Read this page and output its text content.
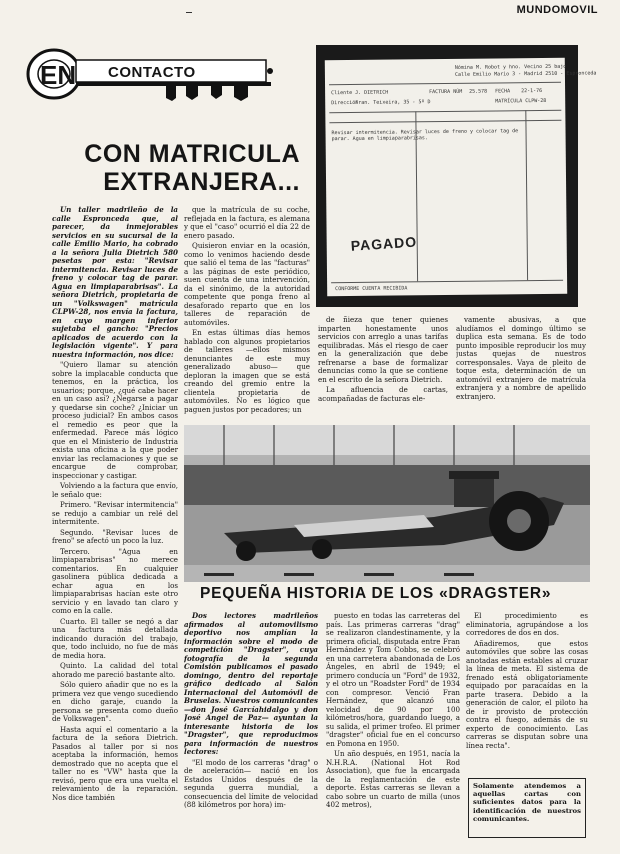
MUNDOMOVIL
EN CONTACTO
CON MATRICULA
EXTRANJERA...

Un taller madrileño de la calle Espronceda que, al parecer, da inmejorables servicios en su sucursal de la calle Emilio Mario, ha cobrado a la señora Julia Dietrich 580 pesetas por esta: "Revisar intermitencia. Revisar luces de freno y colocar tag de parar. Agua en limpiaparabrisas". La señora Dietrich, propietaria de un "Volkswagen" matrícula CLPW-28, nos envía la factura, en cuyo margen inferior sujetaba el gancho: "Precios aplicados de acuerdo con la legislación vigente". Y para nuestra información, nos dice:

"Quiero llamar su atención sobre la implacable conducta que tenemos, en la práctica, los usuarios; porque, ¿qué cabe hacer en un caso así? ¿Negarse a pagar y quedarse sin coche? ¿Iniciar un proceso judicial? En ambos casos el remedio es peor que la enfermedad. Parece más lógico que en el Ministerio de Industria exista una oficina a la que poder enviar las reclamaciones y que se encargue de comprobar, inspeccionar y castigar.

Volviendo a la factura que envío, le señalo que:

Primero. "Revisar intermitencia" se redujo a cambiar un relé del intermitente.

Segundo. "Revisar luces de freno" se afectó un poco la luz.

Tercero. "Agua en limpiaparabrisas" no merece comentarios. En cualquier gasolinera pública dedicada a echar agua en los limpiaparabrisas hacían este otro servicio y en lavado tan claro y como en la calle.

Cuarto. El taller se negó a dar una factura más detallada indicando duración del trabajo, que, todo incluido, no fue de más de media hora.

Quinto. La calidad del total ahorado me pareció bastante alto.

Sólo quiero añadir que no es la primera vez que vengo sucediendo en dicho garaje, cuando la persona se presenta como dueño de Volkswagen".

Hasta aquí el comentario a la factura de la señora Dietrich. Pasados al taller por si nos aceptaba la información, hemos demostrado que no acepta que el taller no es "VW" hasta que la revisó, pero que era una vuelta el relevamiento de la reparación. Nos dice también

que la matrícula de su coche, reflejada en la factura, es alemana y que el "caso" ocurrió el día 22 de enero pasado.

Quisieron enviar en la ocasión, como lo venimos haciendo desde que salió el tema de las "facturas" a las páginas de este periódico, suen cuenta de una intervención, da el sinónimo, de la autoridad competente que ponga freno al desaforado reparto que en los talleres de reparación de automóviles.

En estas últimas días hemos hablado con algunos propietarios de talleres —ellos mismos denunciantes de este muy generalizado abuso— que deploran la imagen que se está creando del gremio entre la clientela propietaria de automóviles. No es lógico que paguen justos por pecadores; un

de ñieza que tener quienes imparten honestamente unos servicios con arreglo a unas tarifas equilibradas. Más el riesgo de caer en la generalización que debe refrenarse a base de formalizar denuncias como la que se contiene en el escrito de la señora Dietrich.

La afluencia de cartas, acompañadas de facturas ele-

vamente abusivas, a que aludíamos el domingo último se duplica esta semana. Es de todo punto imposible reproducir los muy justas quejas de nuestros corresponsales. Vaya de pleito de toque esta, determinación de un automóvil extranjero de matrícula extranjera y a nombre de apellido extranjero.

Nómina M. Robot y hno. Vecino 25 bajo
Calle Emilio Mario 3 - Madrid 2510 - Espronceda
Cliente J. DIETRICH
Dirección
Fran. Teixeira, 35 - 5º D
FACTURA NÚM 25.578 FECHA 22-1-76
MATRÍCULA CLPW-28
Revisar intermitencia. Revisar luces de freno y colocar tag de parar. Agua en limpiaparabrisas.
PAGADO
CONFORME CUENTA RECIBIDA
PEQUEÑA HISTORIA DE LOS «DRAGSTER»

Dos lectores madrileños afirmados al automovilismo deportivo nos amplían la información sobre el modo de competición "Dragster", cuya fotografía de la segunda Comisión publicamos el pasado domingo, dentro del reportaje gráfico dedicado al Salón Internacional del Automóvil de Bruselas. Nuestros comunicantes —don José Garcíahidalgo y don José Angel de Paz— ayuntan la interesante historia de los "Dragster", que reproducimos para información de nuestros lectores:

"El modo de los carreras "drag" o de aceleración— nació en los Estados Unidos después de la segunda guerra mundial, a consecuencia del límite de velocidad (88 kilómetros por hora) im-

puesto en todas las carreteras del país. Las primeras carreras "drag" se realizaron clandestinamente, y la primera oficial, disputada entre Fran Hernández y Tom Cobbs, se celebró en una carretera abandonada de Los Ángeles, en abril de 1949; el primero conducía un "Ford" de 1932, y el otro un "Roadster Ford" de 1934 con compresor. Venció Fran Hernández, que alcanzó una velocidad de 90 por 100 kilómetros/hora, guardando luego, a su salida, el primer trofeo. El primer "dragster" oficial fue en el concurso en Pomona en 1950.

Un año después, en 1951, nacía la N.H.R.A. (National Hot Rod Association), que fue la encargada de la reglamentación de este deporte. Estas carreras se llevan a cabo sobre un cuarto de milla (unos 402 metros),

El procedimiento es eliminatoria, agrupándose a los corredores de dos en dos.

Añadiremos, que estos automóviles que sobre las cosas anotadas están estables al cruzar la línea de meta. El sistema de frenado está obligatoriamente equipado por paracaídas en la parte trasera. Debido a la generación de calor, el piloto ha de ir provisto de protección contra el fuego, además de su experto de conocimiento. Las carreras se disputan sobre una línea recta".

Solamente atendemos a aquellas cartas con suficientes datos para la identificación de nuestros comunicantes.
